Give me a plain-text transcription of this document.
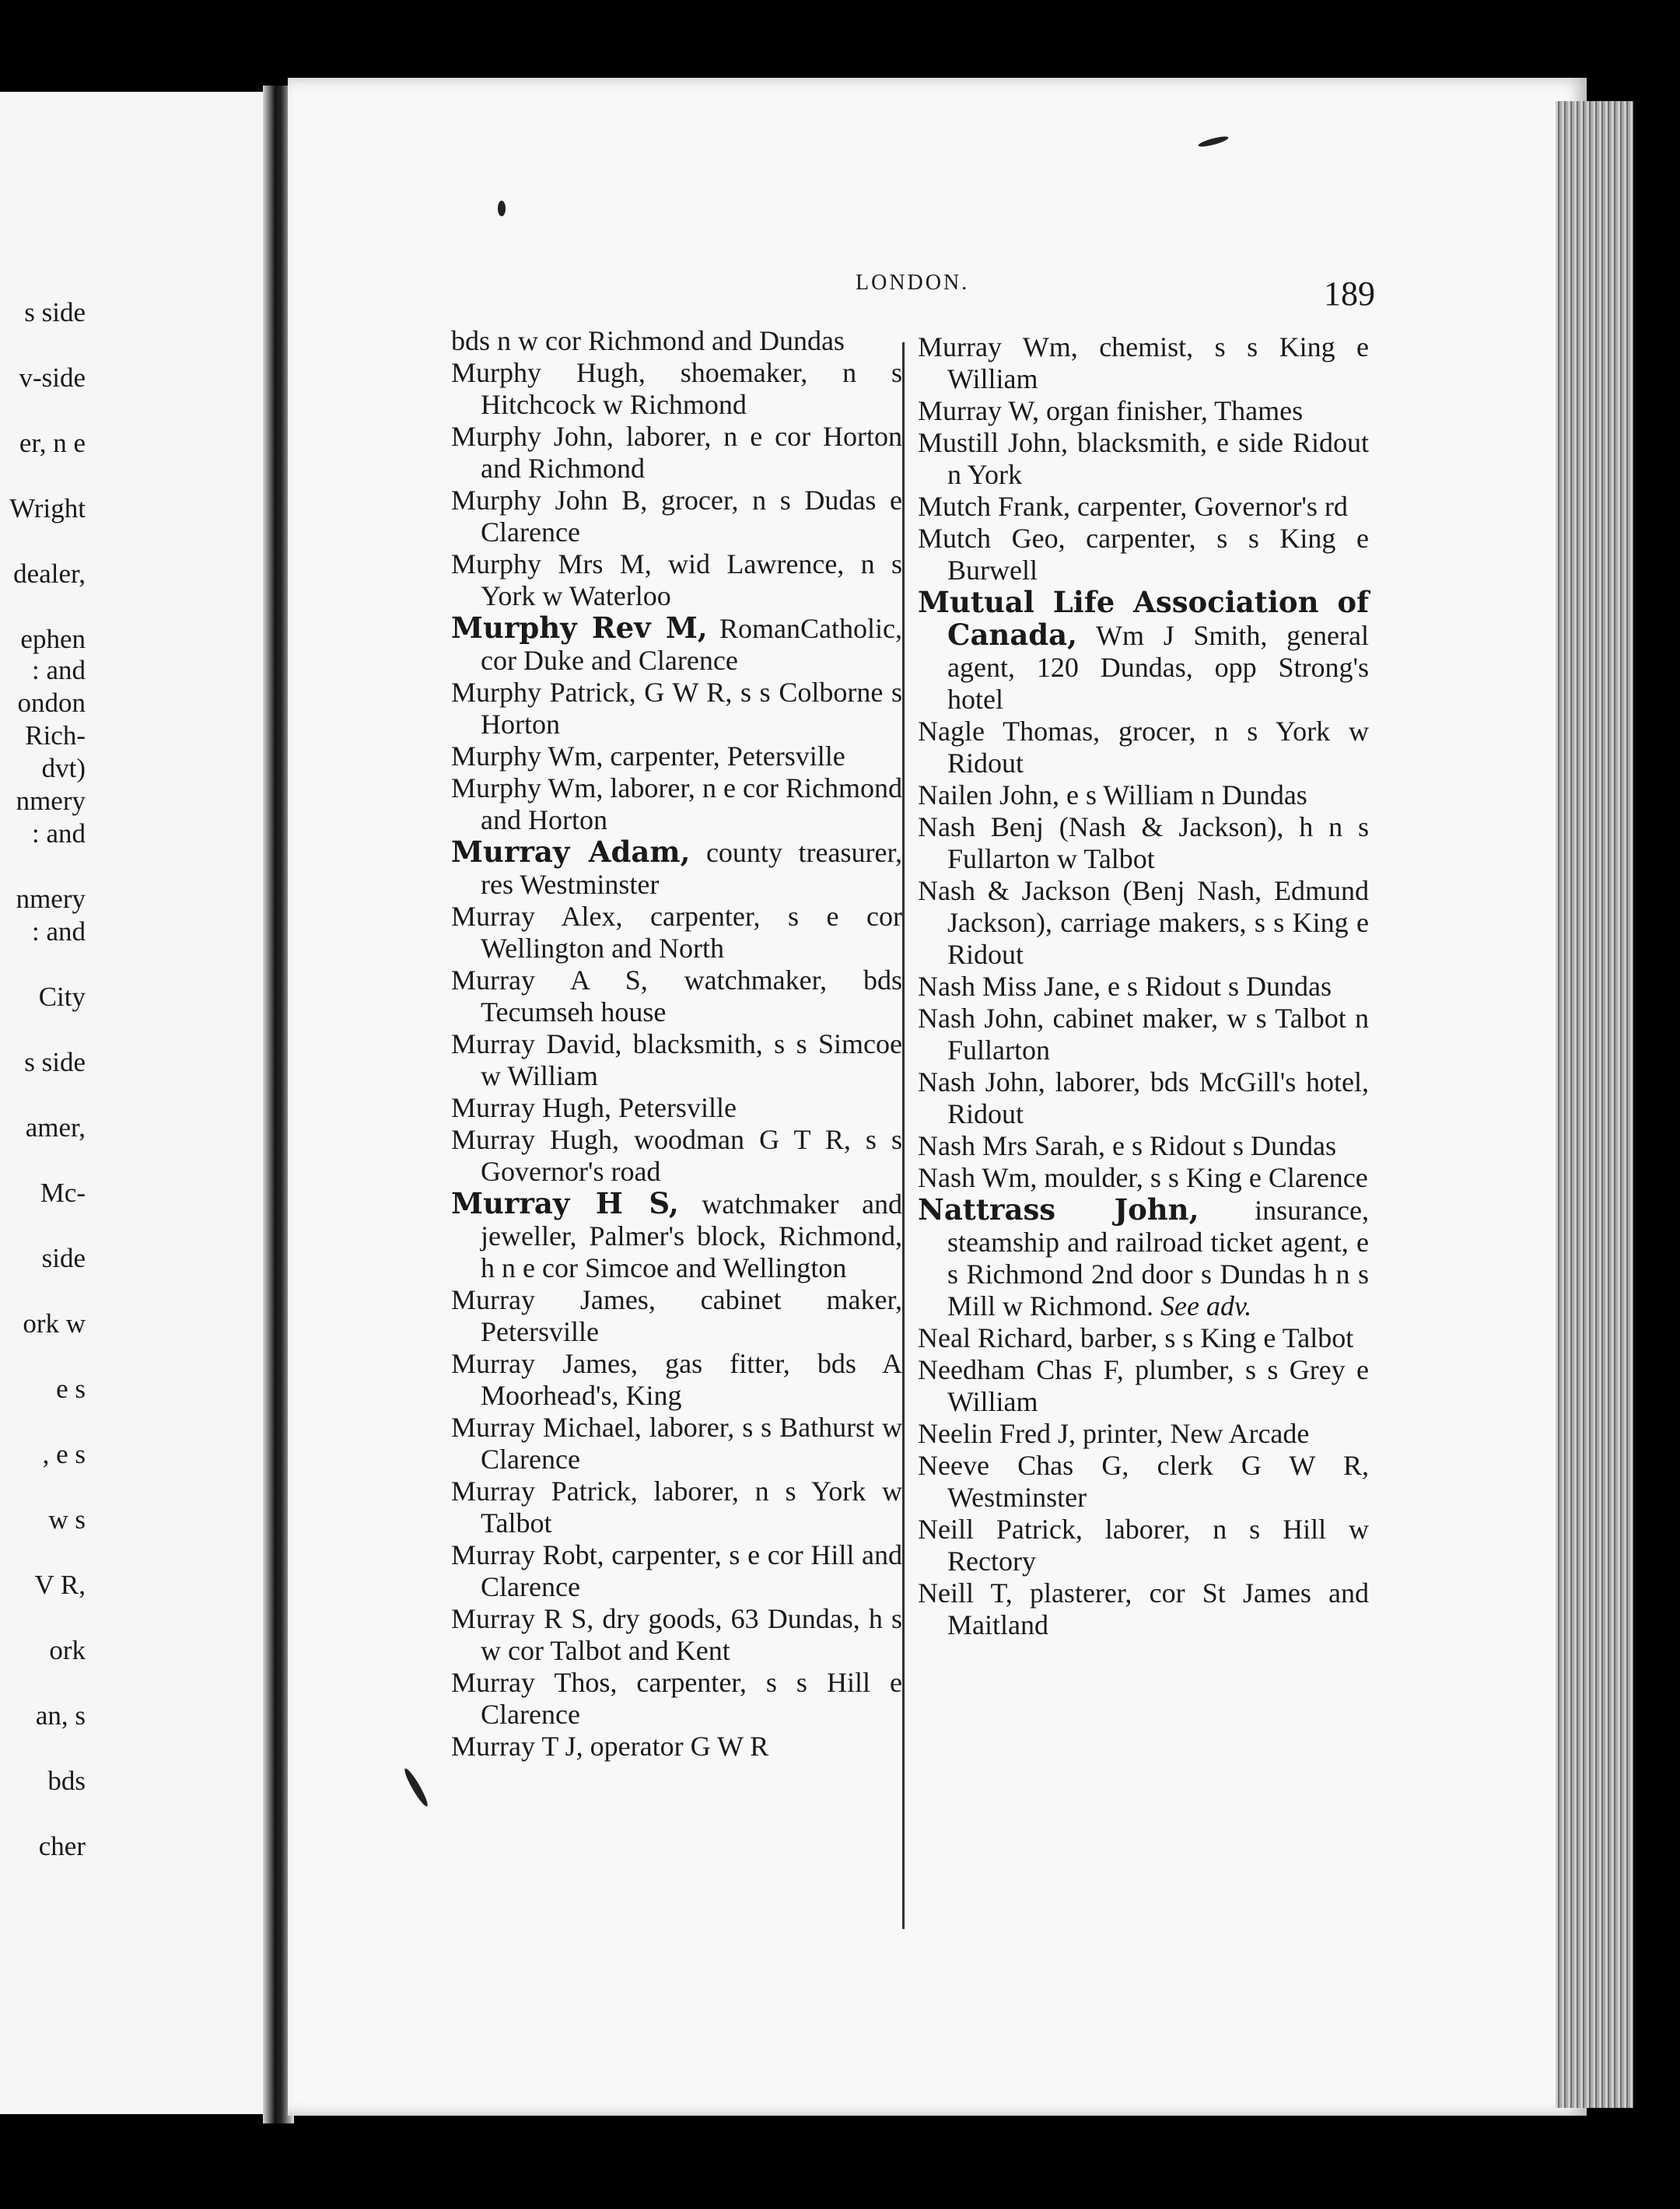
s side
v-side
er, n e
Wright
dealer,
ephen
: and
ondon
Rich-
dvt)
nmery
: and
nmery
: and
City
s side
amer,
Mc-
side
ork w
e s
, e s
w s
V R,
ork
an, s
bds
cher
LONDON.	189

bds n w cor Richmond and Dundas

Murphy Hugh, shoemaker, n s Hitchcock w Richmond

Murphy John, laborer, n e cor Horton and Richmond

Murphy John B, grocer, n s Dudas e Clarence

Murphy Mrs M, wid Lawrence, n s York w Waterloo

Murphy Rev M, RomanCatholic, cor Duke and Clarence

Murphy Patrick, G W R, s s Colborne s Horton

Murphy Wm, carpenter, Petersville

Murphy Wm, laborer, n e cor Richmond and Horton

Murray Adam, county treasurer, res Westminster

Murray Alex, carpenter, s e cor Wellington and North

Murray A S, watchmaker, bds Tecumseh house

Murray David, blacksmith, s s Simcoe w William

Murray Hugh, Petersville

Murray Hugh, woodman G T R, s s Governor's road

Murray H S, watchmaker and jeweller, Palmer's block, Richmond, h n e cor Simcoe and Wellington

Murray James, cabinet maker, Petersville

Murray James, gas fitter, bds A Moorhead's, King

Murray Michael, laborer, s s Bathurst w Clarence

Murray Patrick, laborer, n s York w Talbot

Murray Robt, carpenter, s e cor Hill and Clarence

Murray R S, dry goods, 63 Dundas, h s w cor Talbot and Kent

Murray Thos, carpenter, s s Hill e Clarence

Murray T J, operator G W R

Murray Wm, chemist, s s King e William

Murray W, organ finisher, Thames

Mustill John, blacksmith, e side Ridout n York

Mutch Frank, carpenter, Governor's rd

Mutch Geo, carpenter, s s King e Burwell

Mutual Life Association of Canada, Wm J Smith, general agent, 120 Dundas, opp Strong's hotel

Nagle Thomas, grocer, n s York w Ridout

Nailen John, e s William n Dundas

Nash Benj (Nash & Jackson), h n s Fullarton w Talbot

Nash & Jackson (Benj Nash, Edmund Jackson), carriage makers, s s King e Ridout

Nash Miss Jane, e s Ridout s Dundas

Nash John, cabinet maker, w s Talbot n Fullarton

Nash John, laborer, bds McGill's hotel, Ridout

Nash Mrs Sarah, e s Ridout s Dundas

Nash Wm, moulder, s s King e Clarence

Nattrass John, insurance, steamship and railroad ticket agent, e s Richmond 2nd door s Dundas h n s Mill w Richmond. See adv.

Neal Richard, barber, s s King e Talbot

Needham Chas F, plumber, s s Grey e William

Neelin Fred J, printer, New Arcade

Neeve Chas G, clerk G W R, Westminster

Neill Patrick, laborer, n s Hill w Rectory

Neill T, plasterer, cor St James and Maitland
